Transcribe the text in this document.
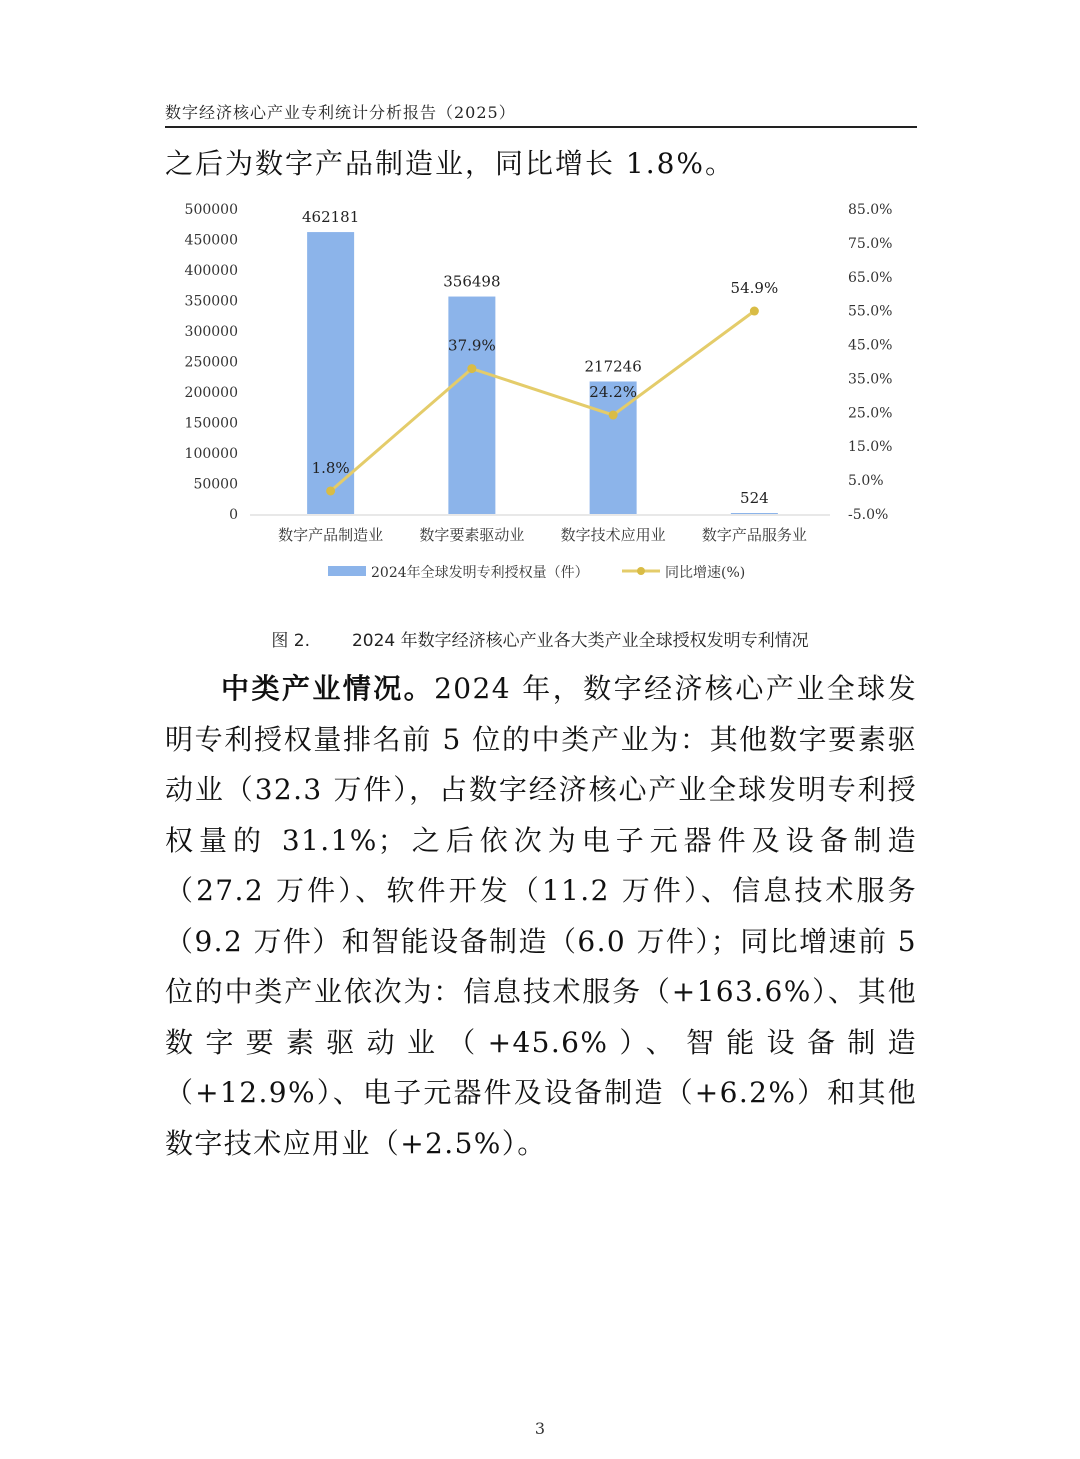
数字经济核心产业专利统计分析报告（2025）
之后为数字产品制造业，同比增长 1.8%。
500000
450000
400000
350000
300000
250000
200000
150000
100000
50000
0
85.0%
75.0%
65.0%
55.0%
45.0%
35.0%
25.0%
15.0%
5.0%
-5.0%
462181
356498
217246
524
数字产品制造业 数字要素驱动业 数字技术应用业 数字产品服务业
1.8%
37.9%
24.2%
54.9%
2024年全球发明专利授权量（件）	同比增速(%)
图 2. 2024 年数字经济核心产业各大类产业全球授权发明专利情况

中类产业情况。2024 年，数字经济核心产业全球发明专利授权量排名前 5 位的中类产业为：其他数字要素驱动业（32.3 万件），占数字经济核心产业全球发明专利授权量的 31.1%；之后依次为电子元器件及设备制造（27.2 万件）、软件开发（11.2 万件）、信息技术服务（9.2 万件）和智能设备制造（6.0 万件）；同比增速前 5 位的中类产业依次为：信息技术服务（+163.6%）、其他数字要素驱动业（+45.6%）、智能设备制造（+12.9%）、电子元器件及设备制造（+6.2%）和其他数字技术应用业（+2.5%）。

3
